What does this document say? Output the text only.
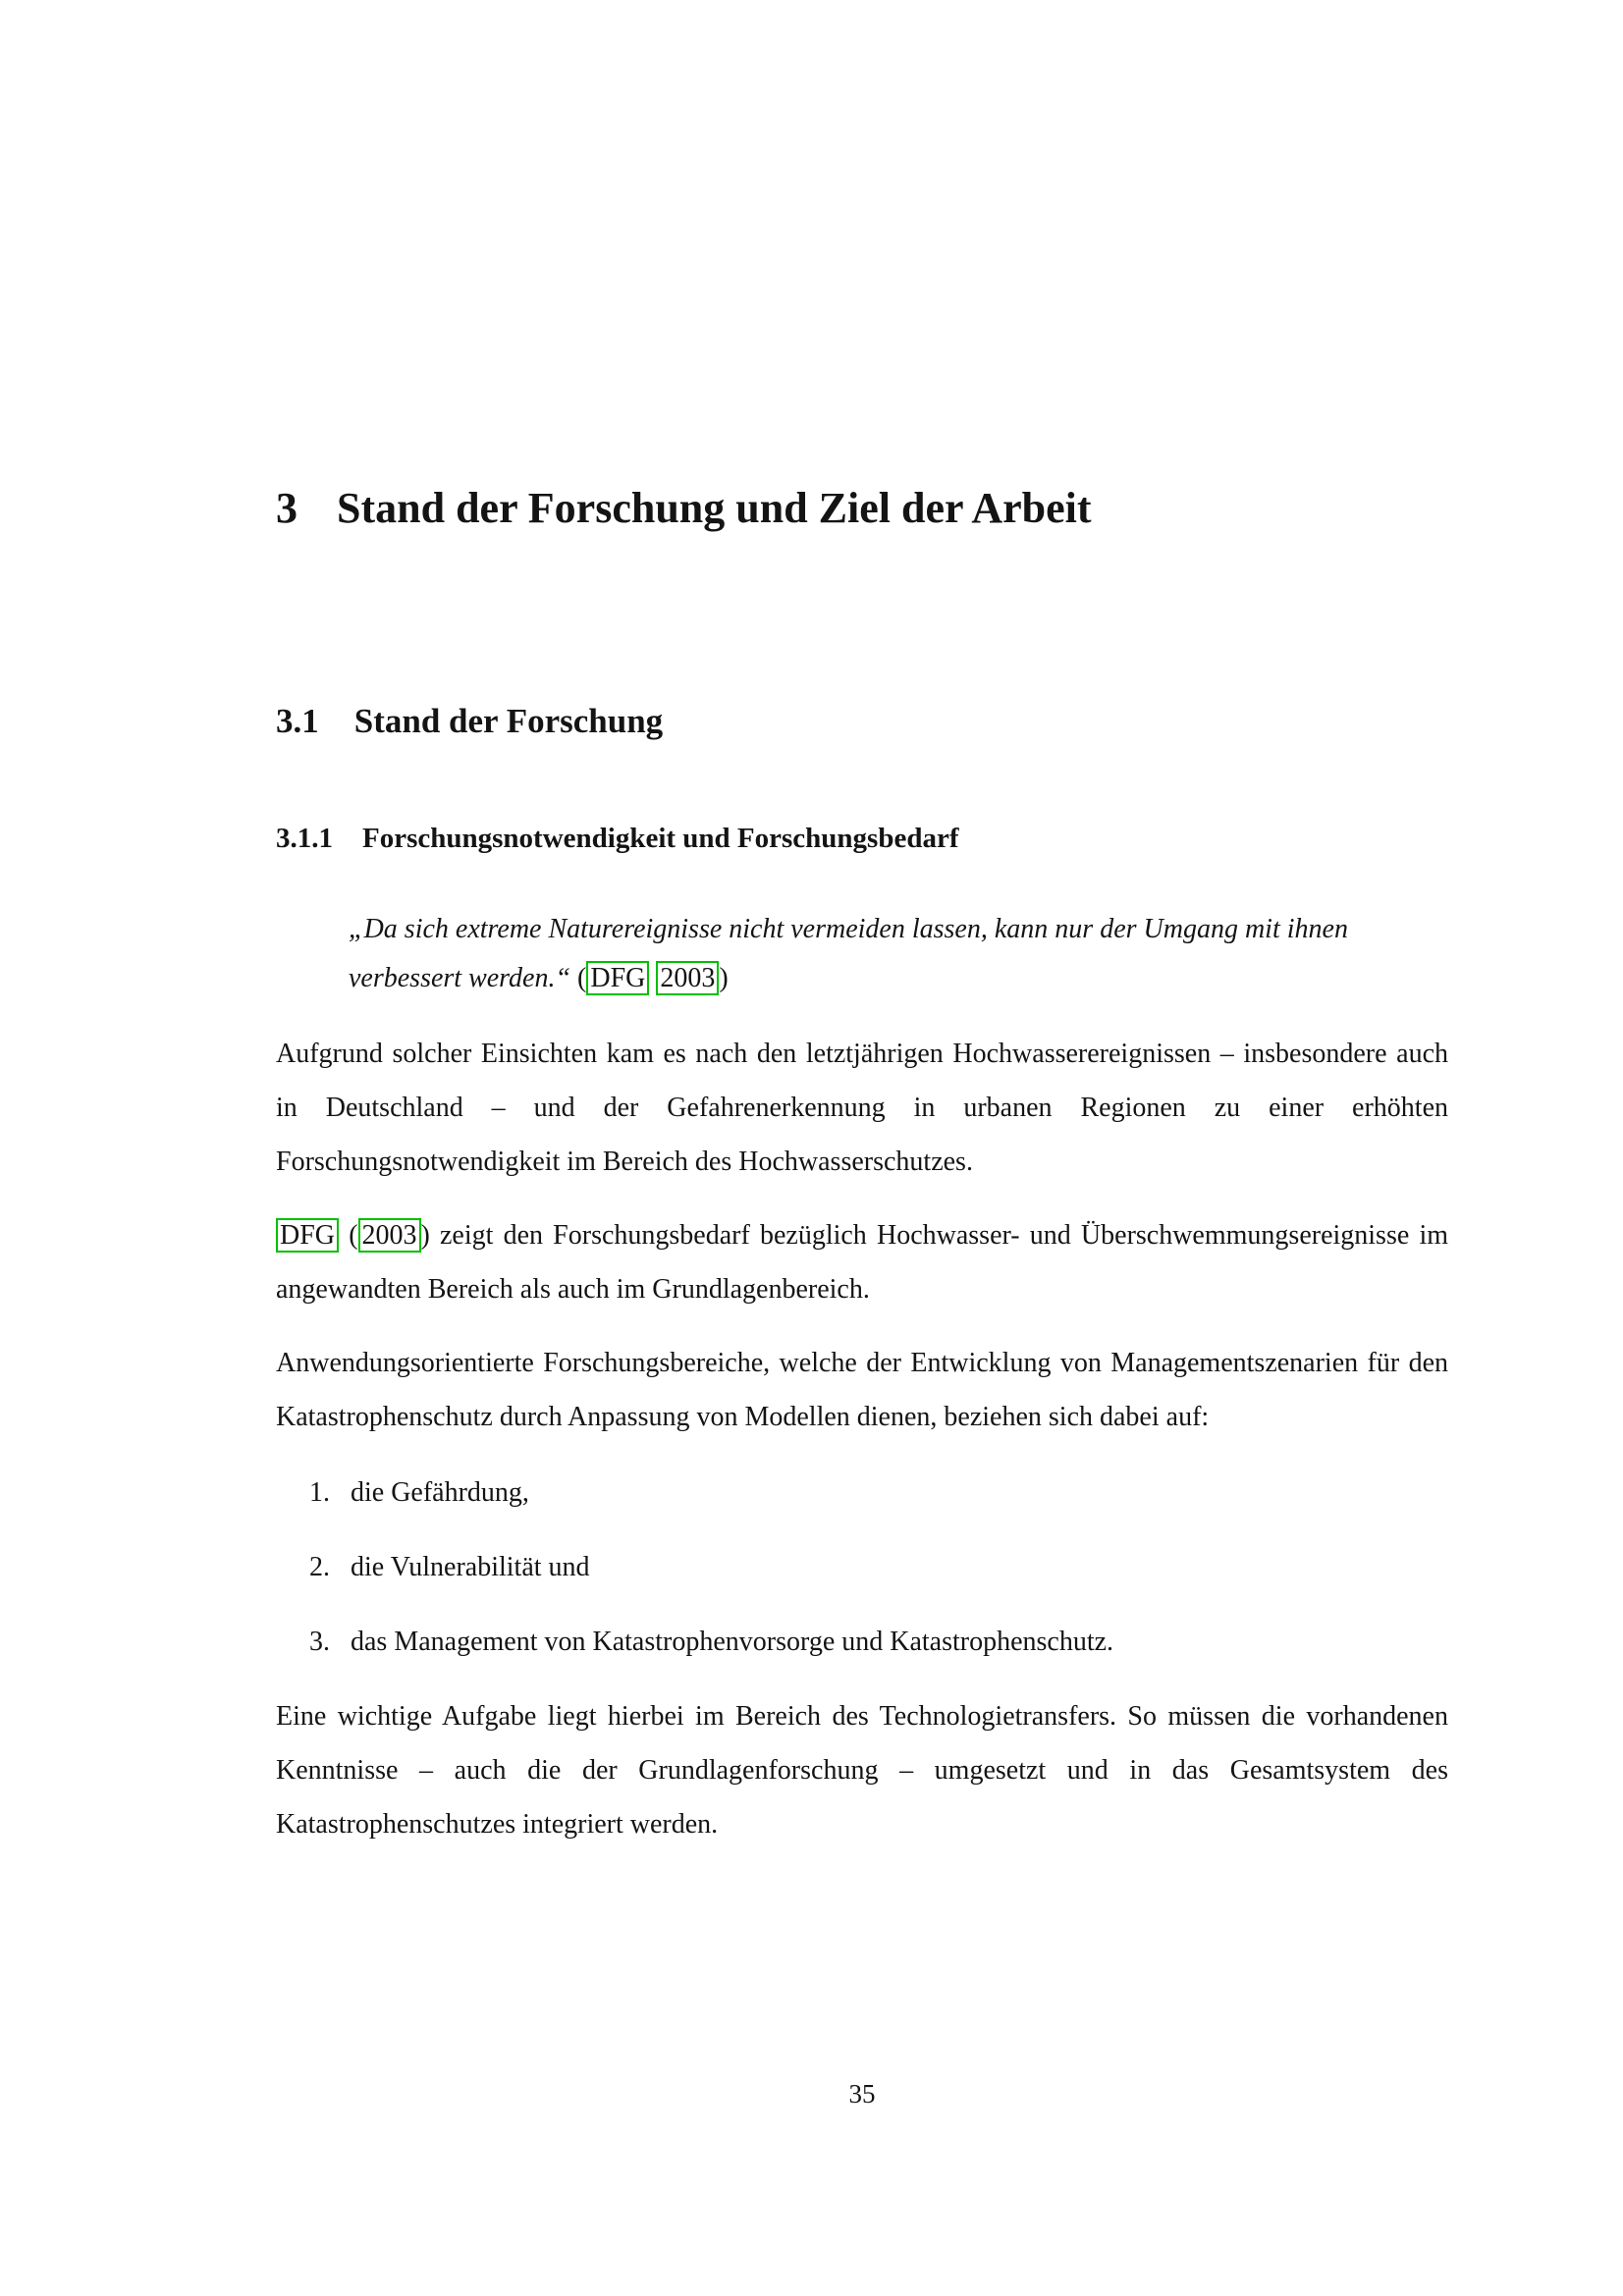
3 Stand der Forschung und Ziel der Arbeit
3.1 Stand der Forschung
3.1.1 Forschungsnotwendigkeit und Forschungsbedarf
„Da sich extreme Naturereignisse nicht vermeiden lassen, kann nur der Umgang mit ihnen verbessert werden.“ ( DFG 2003 )

Aufgrund solcher Einsichten kam es nach den letztjährigen Hochwasserereignissen – insbesondere auch in Deutschland – und der Gefahrenerkennung in urbanen Regionen zu einer erhöhten Forschungsnotwendigkeit im Bereich des Hochwasserschutzes.

DFG ( 2003 ) zeigt den Forschungsbedarf bezüglich Hochwasser- und Überschwemmungsereignisse im angewandten Bereich als auch im Grundlagenbereich.

Anwendungsorientierte Forschungsbereiche, welche der Entwicklung von Managementszenarien für den Katastrophenschutz durch Anpassung von Modellen dienen, beziehen sich dabei auf:

1. die Gefährdung,
2. die Vulnerabilität und
3. das Management von Katastrophenvorsorge und Katastrophenschutz.

Eine wichtige Aufgabe liegt hierbei im Bereich des Technologietransfers. So müssen die vorhandenen Kenntnisse – auch die der Grundlagenforschung – umgesetzt und in das Gesamtsystem des Katastrophenschutzes integriert werden.

35
